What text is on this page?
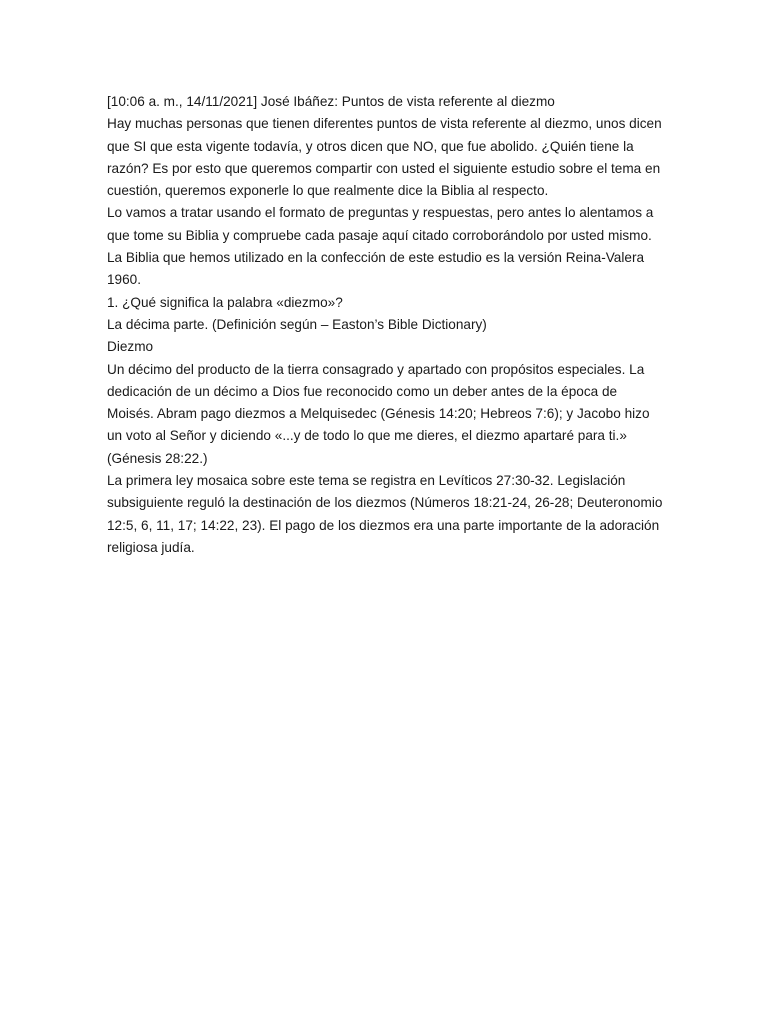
[10:06 a. m., 14/11/2021] José Ibáñez: Puntos de vista referente al diezmo

Hay muchas personas que tienen diferentes puntos de vista referente al diezmo, unos dicen que SI que esta vigente todavía, y otros dicen que NO, que fue abolido. ¿Quién tiene la razón? Es por esto que queremos compartir con usted el siguiente estudio sobre el tema en cuestión, queremos exponerle lo que realmente dice la Biblia al respecto.

Lo vamos a tratar usando el formato de preguntas y respuestas, pero antes lo alentamos a que tome su Biblia y compruebe cada pasaje aquí citado corroborándolo por usted mismo. La Biblia que hemos utilizado en la confección de este estudio es la versión Reina-Valera 1960.

1. ¿Qué significa la palabra «diezmo»?

La décima parte. (Definición según – Easton’s Bible Dictionary)

Diezmo

Un décimo del producto de la tierra consagrado y apartado con propósitos especiales. La dedicación de un décimo a Dios fue reconocido como un deber antes de la época de Moisés. Abram pago diezmos a Melquisedec (Génesis 14:20; Hebreos 7:6); y Jacobo hizo un voto al Señor y diciendo «...y de todo lo que me dieres, el diezmo apartaré para ti.» (Génesis 28:22.)

La primera ley mosaica sobre este tema se registra en Levíticos 27:30-32. Legislación subsiguiente reguló la destinación de los diezmos (Números 18:21-24, 26-28; Deuteronomio 12:5, 6, 11, 17; 14:22, 23). El pago de los diezmos era una parte importante de la adoración religiosa judía.
